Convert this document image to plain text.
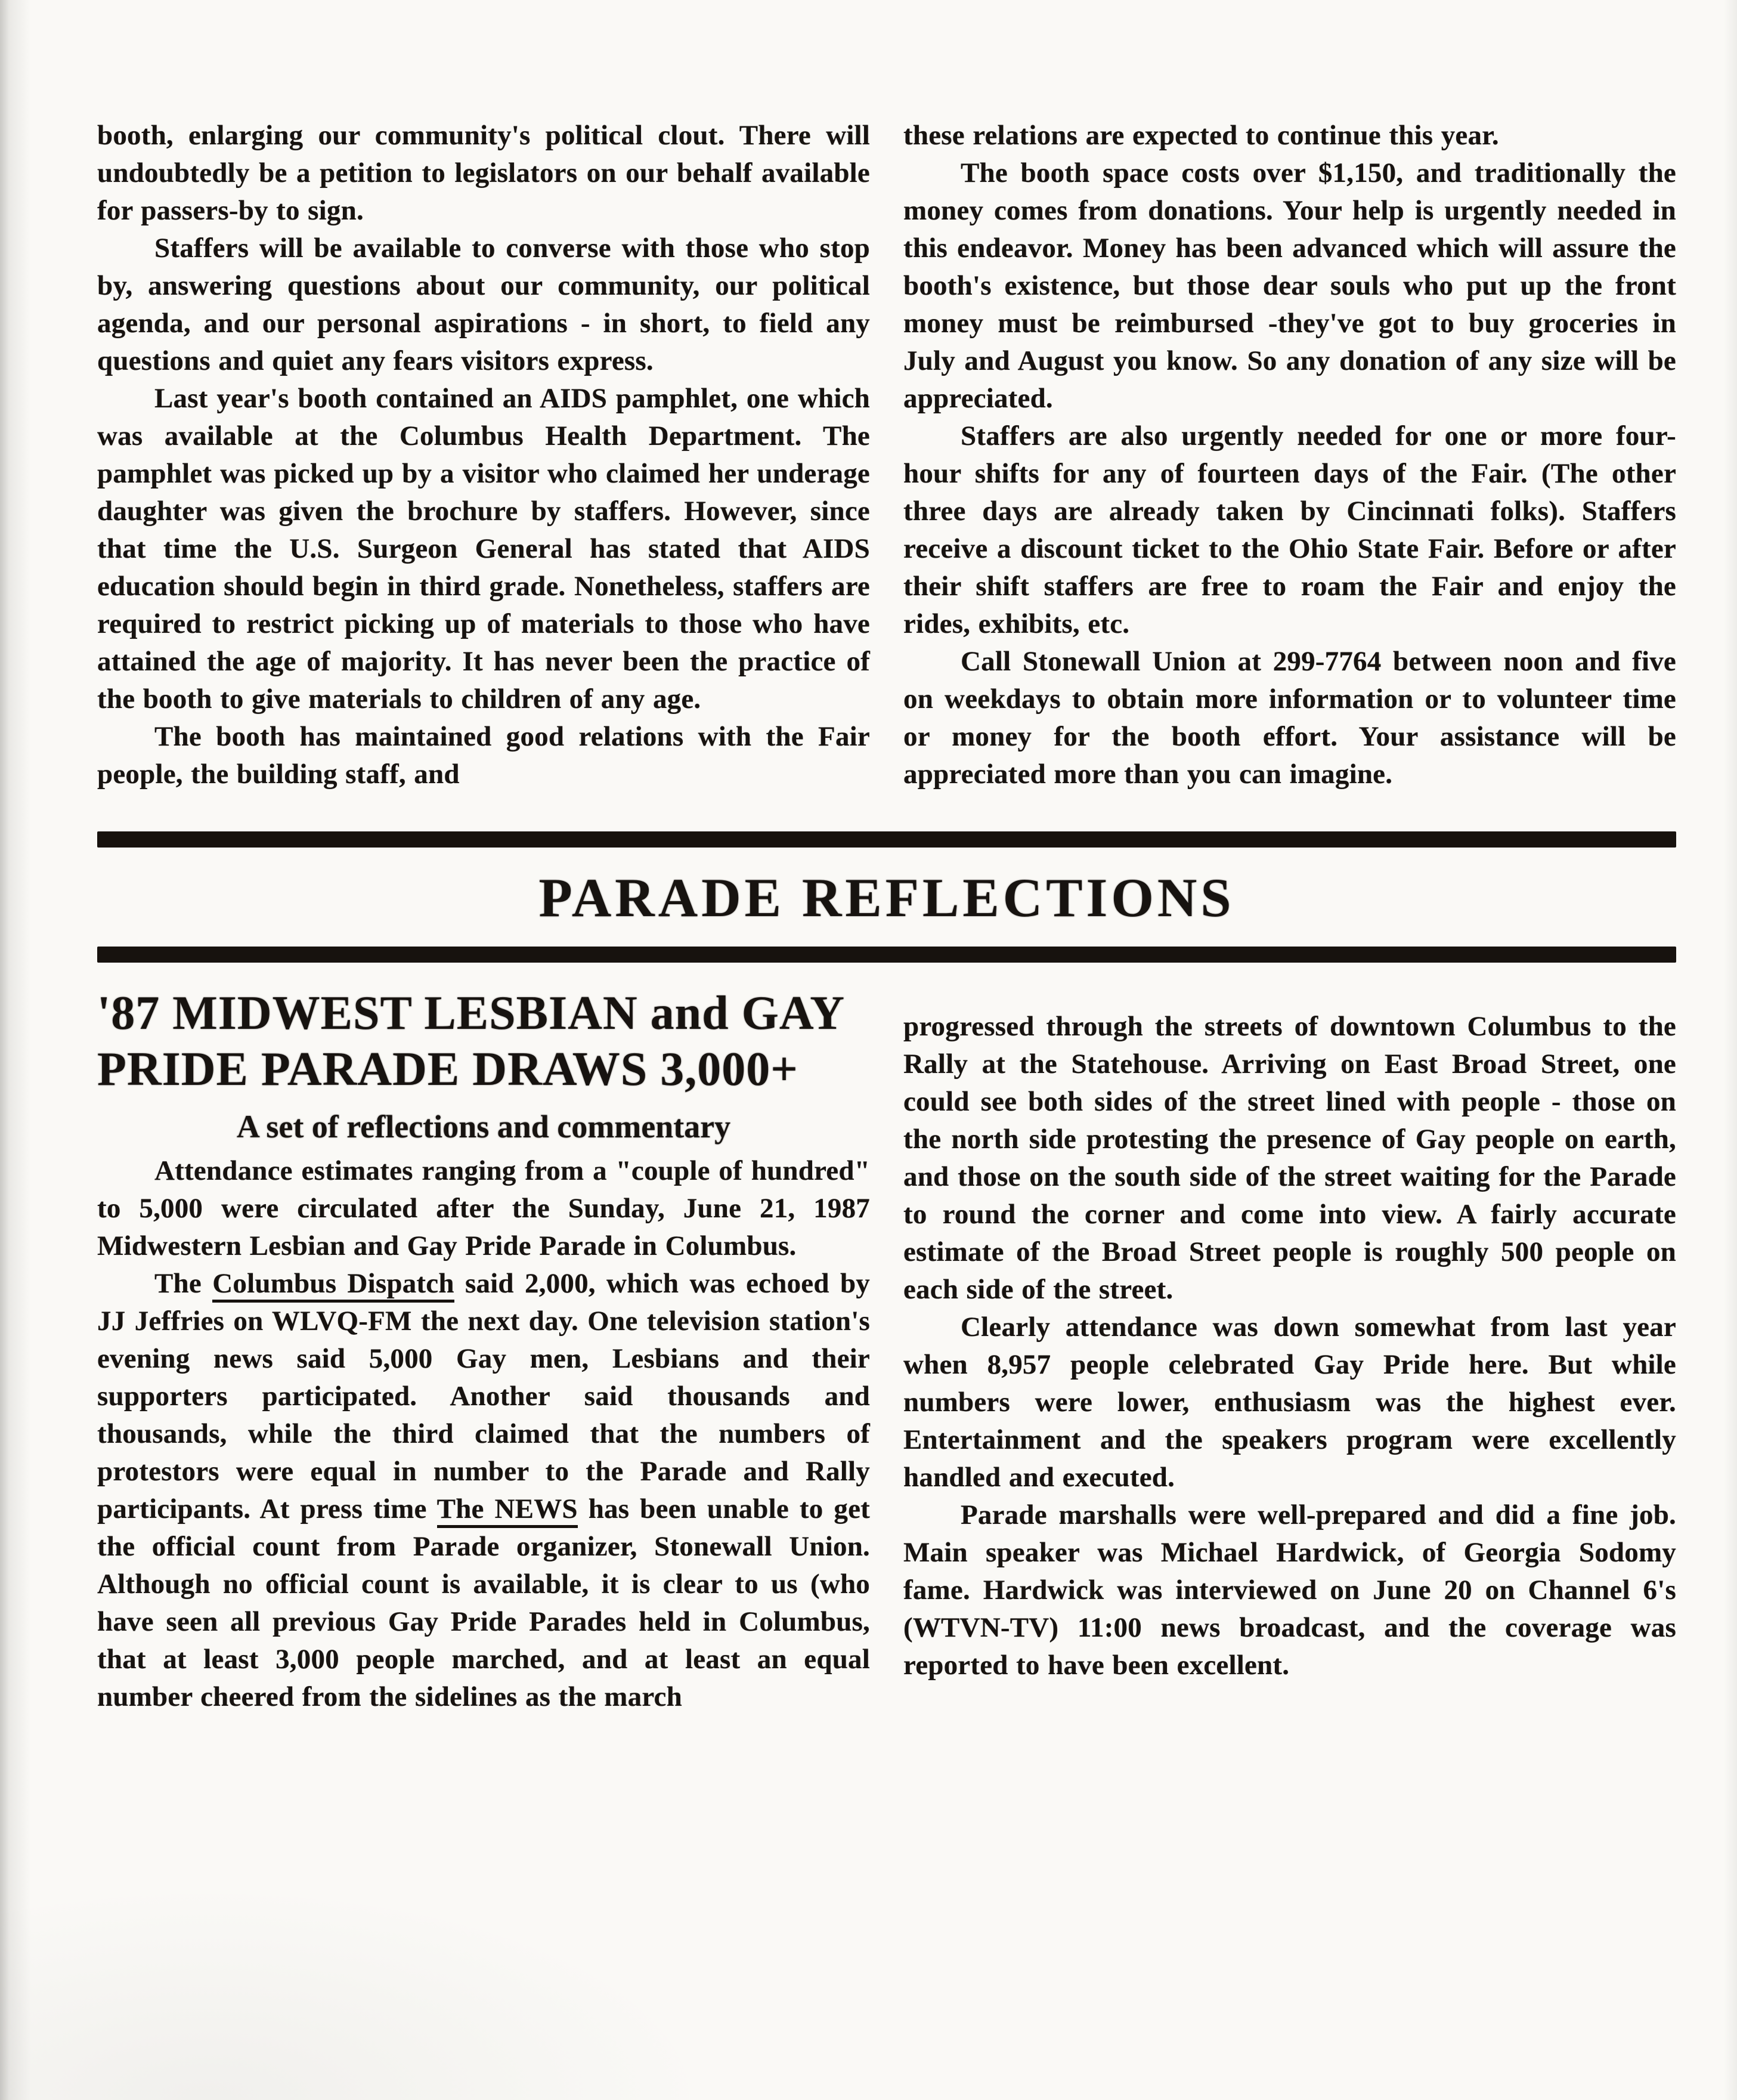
booth, enlarging our community's political clout. There will undoubtedly be a petition to legislators on our behalf available for passers-by to sign.

Staffers will be available to converse with those who stop by, answering questions about our community, our political agenda, and our personal aspirations - in short, to field any questions and quiet any fears visitors express.

Last year's booth contained an AIDS pamphlet, one which was available at the Columbus Health Department. The pamphlet was picked up by a visitor who claimed her underage daughter was given the brochure by staffers. However, since that time the U.S. Surgeon General has stated that AIDS education should begin in third grade. Nonetheless, staffers are required to restrict picking up of materials to those who have attained the age of majority. It has never been the practice of the booth to give materials to children of any age.

The booth has maintained good relations with the Fair people, the building staff, and

these relations are expected to continue this year.

The booth space costs over $1,150, and traditionally the money comes from donations. Your help is urgently needed in this endeavor. Money has been advanced which will assure the booth's existence, but those dear souls who put up the front money must be reimbursed -they've got to buy groceries in July and August you know. So any donation of any size will be appreciated.

Staffers are also urgently needed for one or more four-hour shifts for any of fourteen days of the Fair. (The other three days are already taken by Cincinnati folks). Staffers receive a discount ticket to the Ohio State Fair. Before or after their shift staffers are free to roam the Fair and enjoy the rides, exhibits, etc.

Call Stonewall Union at 299-7764 between noon and five on weekdays to obtain more information or to volunteer time or money for the booth effort. Your assistance will be appreciated more than you can imagine.

PARADE REFLECTIONS
'87 MIDWEST LESBIAN and GAY
PRIDE PARADE DRAWS 3,000+
A set of reflections and commentary

Attendance estimates ranging from a "couple of hundred" to 5,000 were circulated after the Sunday, June 21, 1987 Midwestern Lesbian and Gay Pride Parade in Columbus.

The Columbus Dispatch said 2,000, which was echoed by JJ Jeffries on WLVQ-FM the next day. One television station's evening news said 5,000 Gay men, Lesbians and their supporters participated. Another said thousands and thousands, while the third claimed that the numbers of protestors were equal in number to the Parade and Rally participants. At press time The NEWS has been unable to get the official count from Parade organizer, Stonewall Union. Although no official count is available, it is clear to us (who have seen all previous Gay Pride Parades held in Columbus, that at least 3,000 people marched, and at least an equal number cheered from the sidelines as the march

progressed through the streets of downtown Columbus to the Rally at the Statehouse. Arriving on East Broad Street, one could see both sides of the street lined with people - those on the north side protesting the presence of Gay people on earth, and those on the south side of the street waiting for the Parade to round the corner and come into view. A fairly accurate estimate of the Broad Street people is roughly 500 people on each side of the street.

Clearly attendance was down somewhat from last year when 8,957 people celebrated Gay Pride here. But while numbers were lower, enthusiasm was the highest ever. Entertainment and the speakers program were excellently handled and executed.

Parade marshalls were well-prepared and did a fine job. Main speaker was Michael Hardwick, of Georgia Sodomy fame. Hardwick was interviewed on June 20 on Channel 6's (WTVN-TV) 11:00 news broadcast, and the coverage was reported to have been excellent.
